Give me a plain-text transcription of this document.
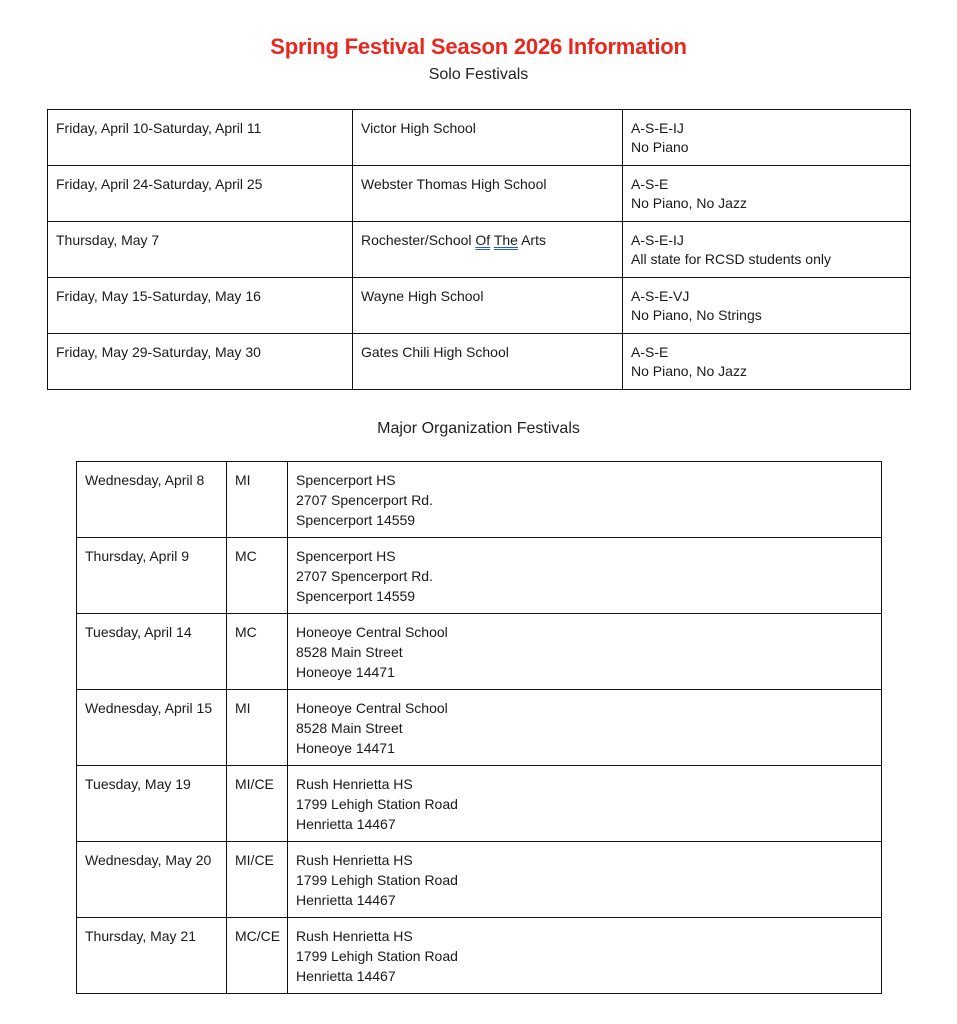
Spring Festival Season 2026 Information
Solo Festivals
Friday, April 10-Saturday, April 11	Victor High School	A-S-E-IJ
No Piano

Friday, April 24-Saturday, April 25	Webster Thomas High School	A-S-E
No Piano, No Jazz

Thursday, May 7	Rochester/School Of The Arts	A-S-E-IJ
All state for RCSD students only

Friday, May 15-Saturday, May 16	Wayne High School	A-S-E-VJ
No Piano, No Strings

Friday, May 29-Saturday, May 30	Gates Chili High School	A-S-E
No Piano, No Jazz
Major Organization Festivals
Wednesday, April 8	MI	Spencerport HS
2707 Spencerport Rd.
Spencerport 14559

Thursday, April 9	MC	Spencerport HS
2707 Spencerport Rd.
Spencerport 14559

Tuesday, April 14	MC	Honeoye Central School
8528 Main Street
Honeoye 14471

Wednesday, April 15	MI	Honeoye Central School
8528 Main Street
Honeoye 14471

Tuesday, May 19	MI/CE	Rush Henrietta HS
1799 Lehigh Station Road
Henrietta 14467

Wednesday, May 20	MI/CE	Rush Henrietta HS
1799 Lehigh Station Road
Henrietta 14467

Thursday, May 21	MC/CE	Rush Henrietta HS
1799 Lehigh Station Road
Henrietta 14467
